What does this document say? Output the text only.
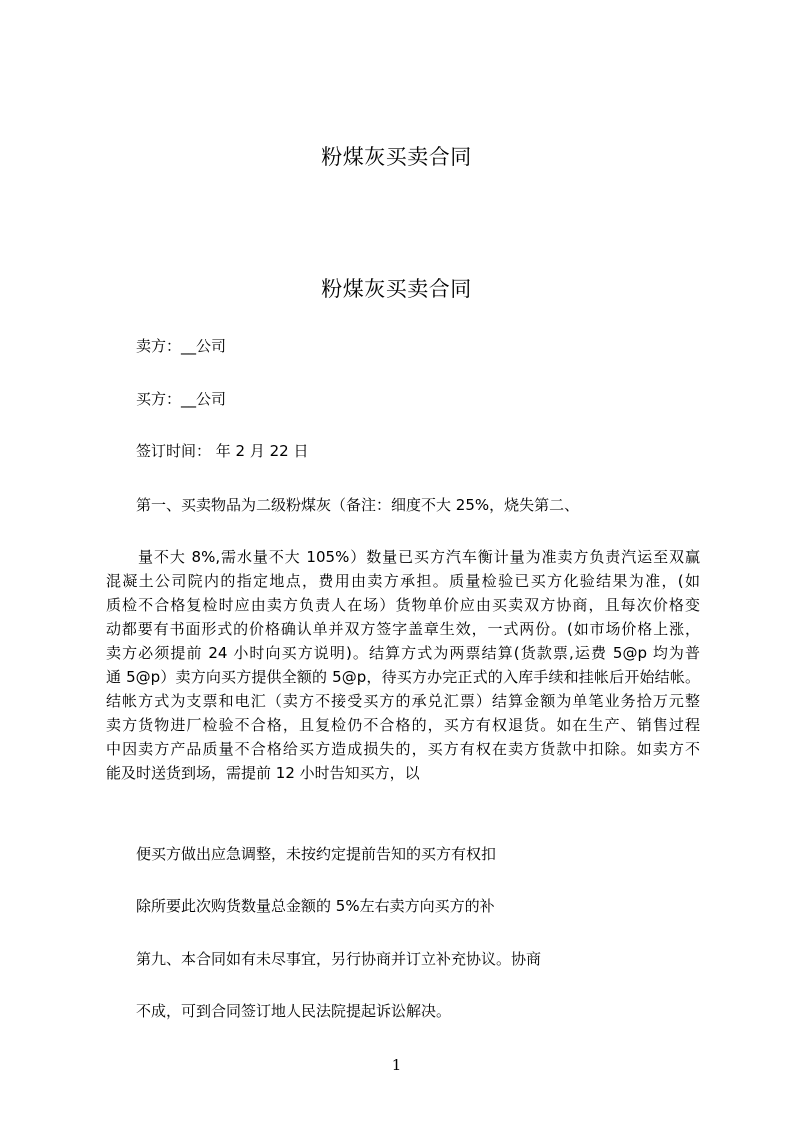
粉煤灰买卖合同
粉煤灰买卖合同
卖方：__公司
买方：__公司
签订时间： 年 2 月 22 日
第一、买卖物品为二级粉煤灰（备注：细度不大 25%，烧失第二、
量不大 8%,需水量不大 105%）数量已买方汽车衡计量为准卖方负责汽运至双赢
混凝土公司院内的指定地点，费用由卖方承担。质量检验已买方化验结果为准，(如
质检不合格复检时应由卖方负责人在场）货物单价应由买卖双方协商，且每次价格变
动都要有书面形式的价格确认单并双方签字盖章生效，一式两份。(如市场价格上涨，
卖方必须提前 24 小时向买方说明)。结算方式为两票结算(货款票,运费 5@p 均为普
通 5@p）卖方向买方提供全额的 5@p，待买方办完正式的入库手续和挂帐后开始结帐。
结帐方式为支票和电汇（卖方不接受买方的承兑汇票）结算金额为单笔业务拾万元整
卖方货物进厂检验不合格，且复检仍不合格的，买方有权退货。如在生产、销售过程
中因卖方产品质量不合格给买方造成损失的，买方有权在卖方货款中扣除。如卖方不
能及时送货到场，需提前 12 小时告知买方，以
便买方做出应急调整，未按约定提前告知的买方有权扣
除所要此次购货数量总金额的 5%左右卖方向买方的补
第九、本合同如有未尽事宜，另行协商并订立补充协议。协商
不成，可到合同签订地人民法院提起诉讼解决。
1
